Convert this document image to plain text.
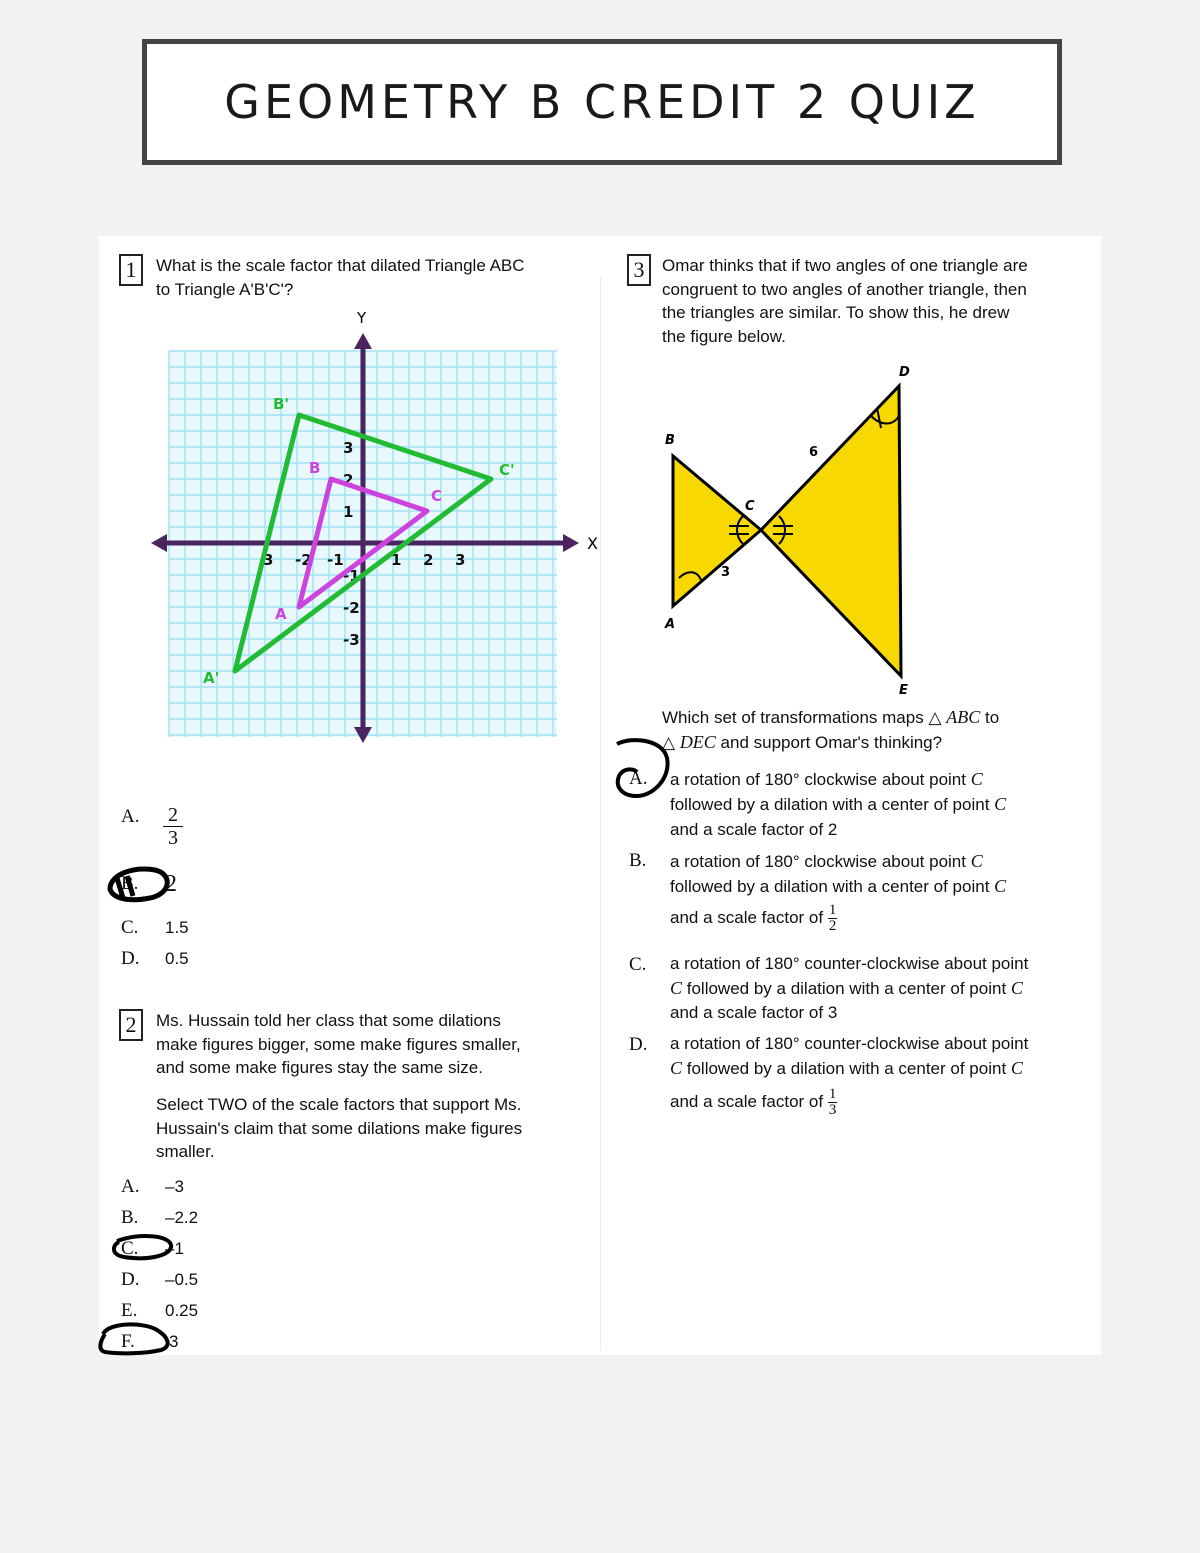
GEOMETRY B CREDIT 2 QUIZ
1	What is the scale factor that dilated Triangle ABC
to Triangle A'B'C'?
X
Y
3 -2 -1	1 2 3
3
2
1
-1
-2
-3
A'
B'
C'
A
B
C
A. $\frac{2}{3}$
B. 2
C. 1.5
D. 0.5
2	Ms. Hussain told her class that some dilations
make figures bigger, some make figures smaller,
and some make figures stay the same size.
Select TWO of the scale factors that support Ms.
Hussain's claim that some dilations make figures
smaller.
A. –3
B. –2.2
C. –1
D. –0.5
E. 0.25
F. 3
3	Omar thinks that if two angles of one triangle are
congruent to two angles of another triangle, then
the triangles are similar. To show this, he drew
the figure below.
B
A
C
D
E
3
6
Which set of transformations maps △ ABC to
△ DEC and support Omar's thinking?
A. a rotation of 180° clockwise about point C
followed by a dilation with a center of point C
and a scale factor of 2
B. a rotation of 180° clockwise about point C
followed by a dilation with a center of point C
and a scale factor of $\frac{1}{2}$
C. a rotation of 180° counter-clockwise about point
C followed by a dilation with a center of point C
and a scale factor of 3
D. a rotation of 180° counter-clockwise about point
C followed by a dilation with a center of point C
and a scale factor of $\frac{1}{3}$
